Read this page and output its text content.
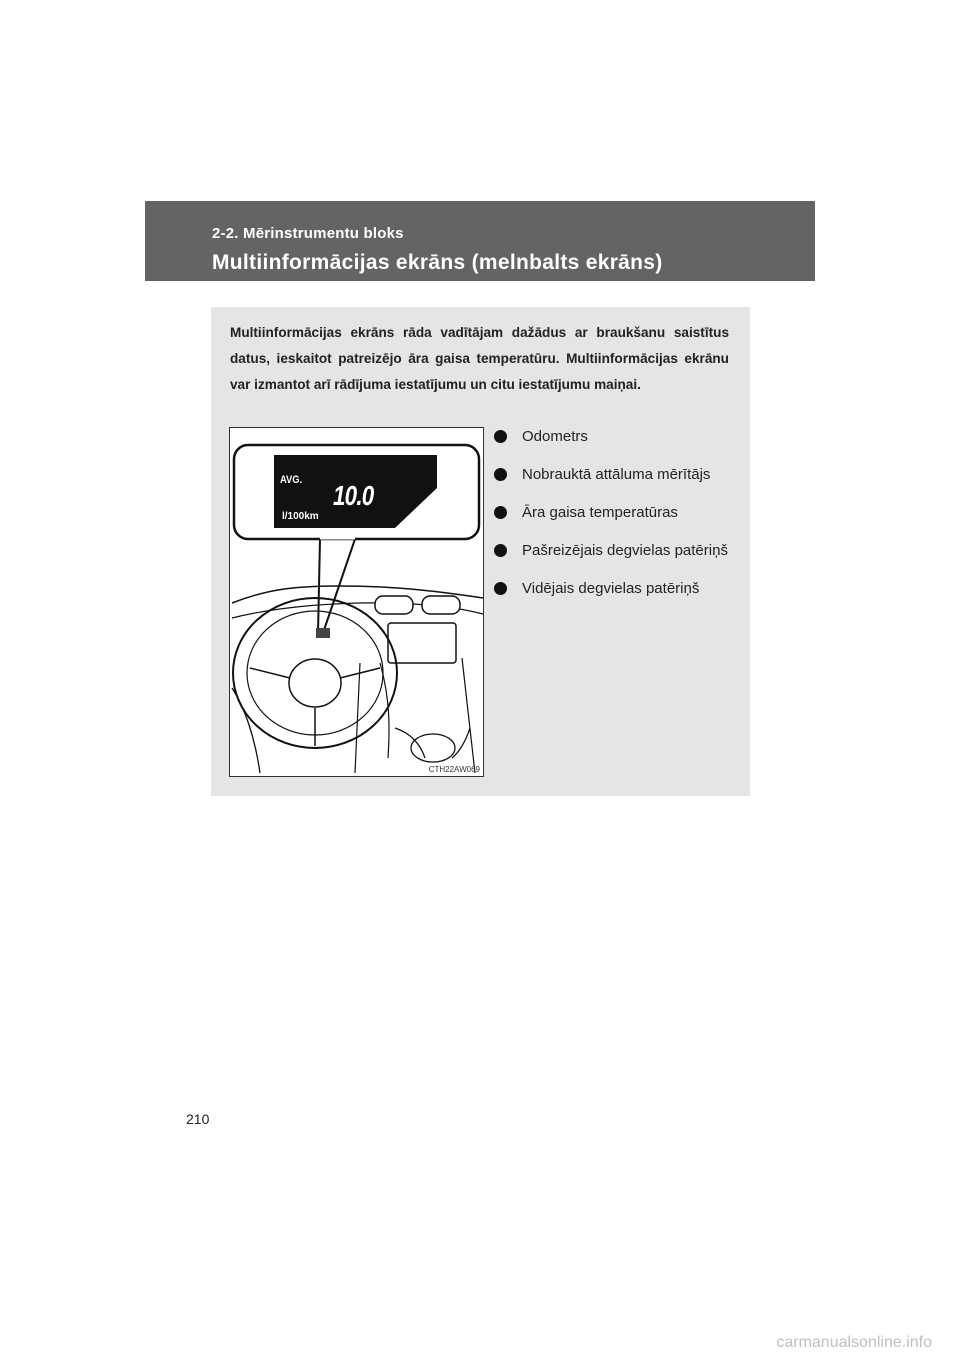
2-2. Mērinstrumentu bloks
Multiinformācijas ekrāns (melnbalts ekrāns)
Multiinformācijas ekrāns rāda vadītājam dažādus ar braukšanu saistītus datus, ieskaitot patreizējo āra gaisa temperatūru. Multiinformācijas ekrānu var izmantot arī rādījuma iestatījumu un citu iestatījumu maiņai.
AVG. 10.0
l/100km
CTH22AW069
Odometrs
Nobrauktā attāluma mērītājs
Āra gaisa temperatūras
Pašreizējais degvielas patēriņš
Vidējais degvielas patēriņš
210
carmanualsonline.info
